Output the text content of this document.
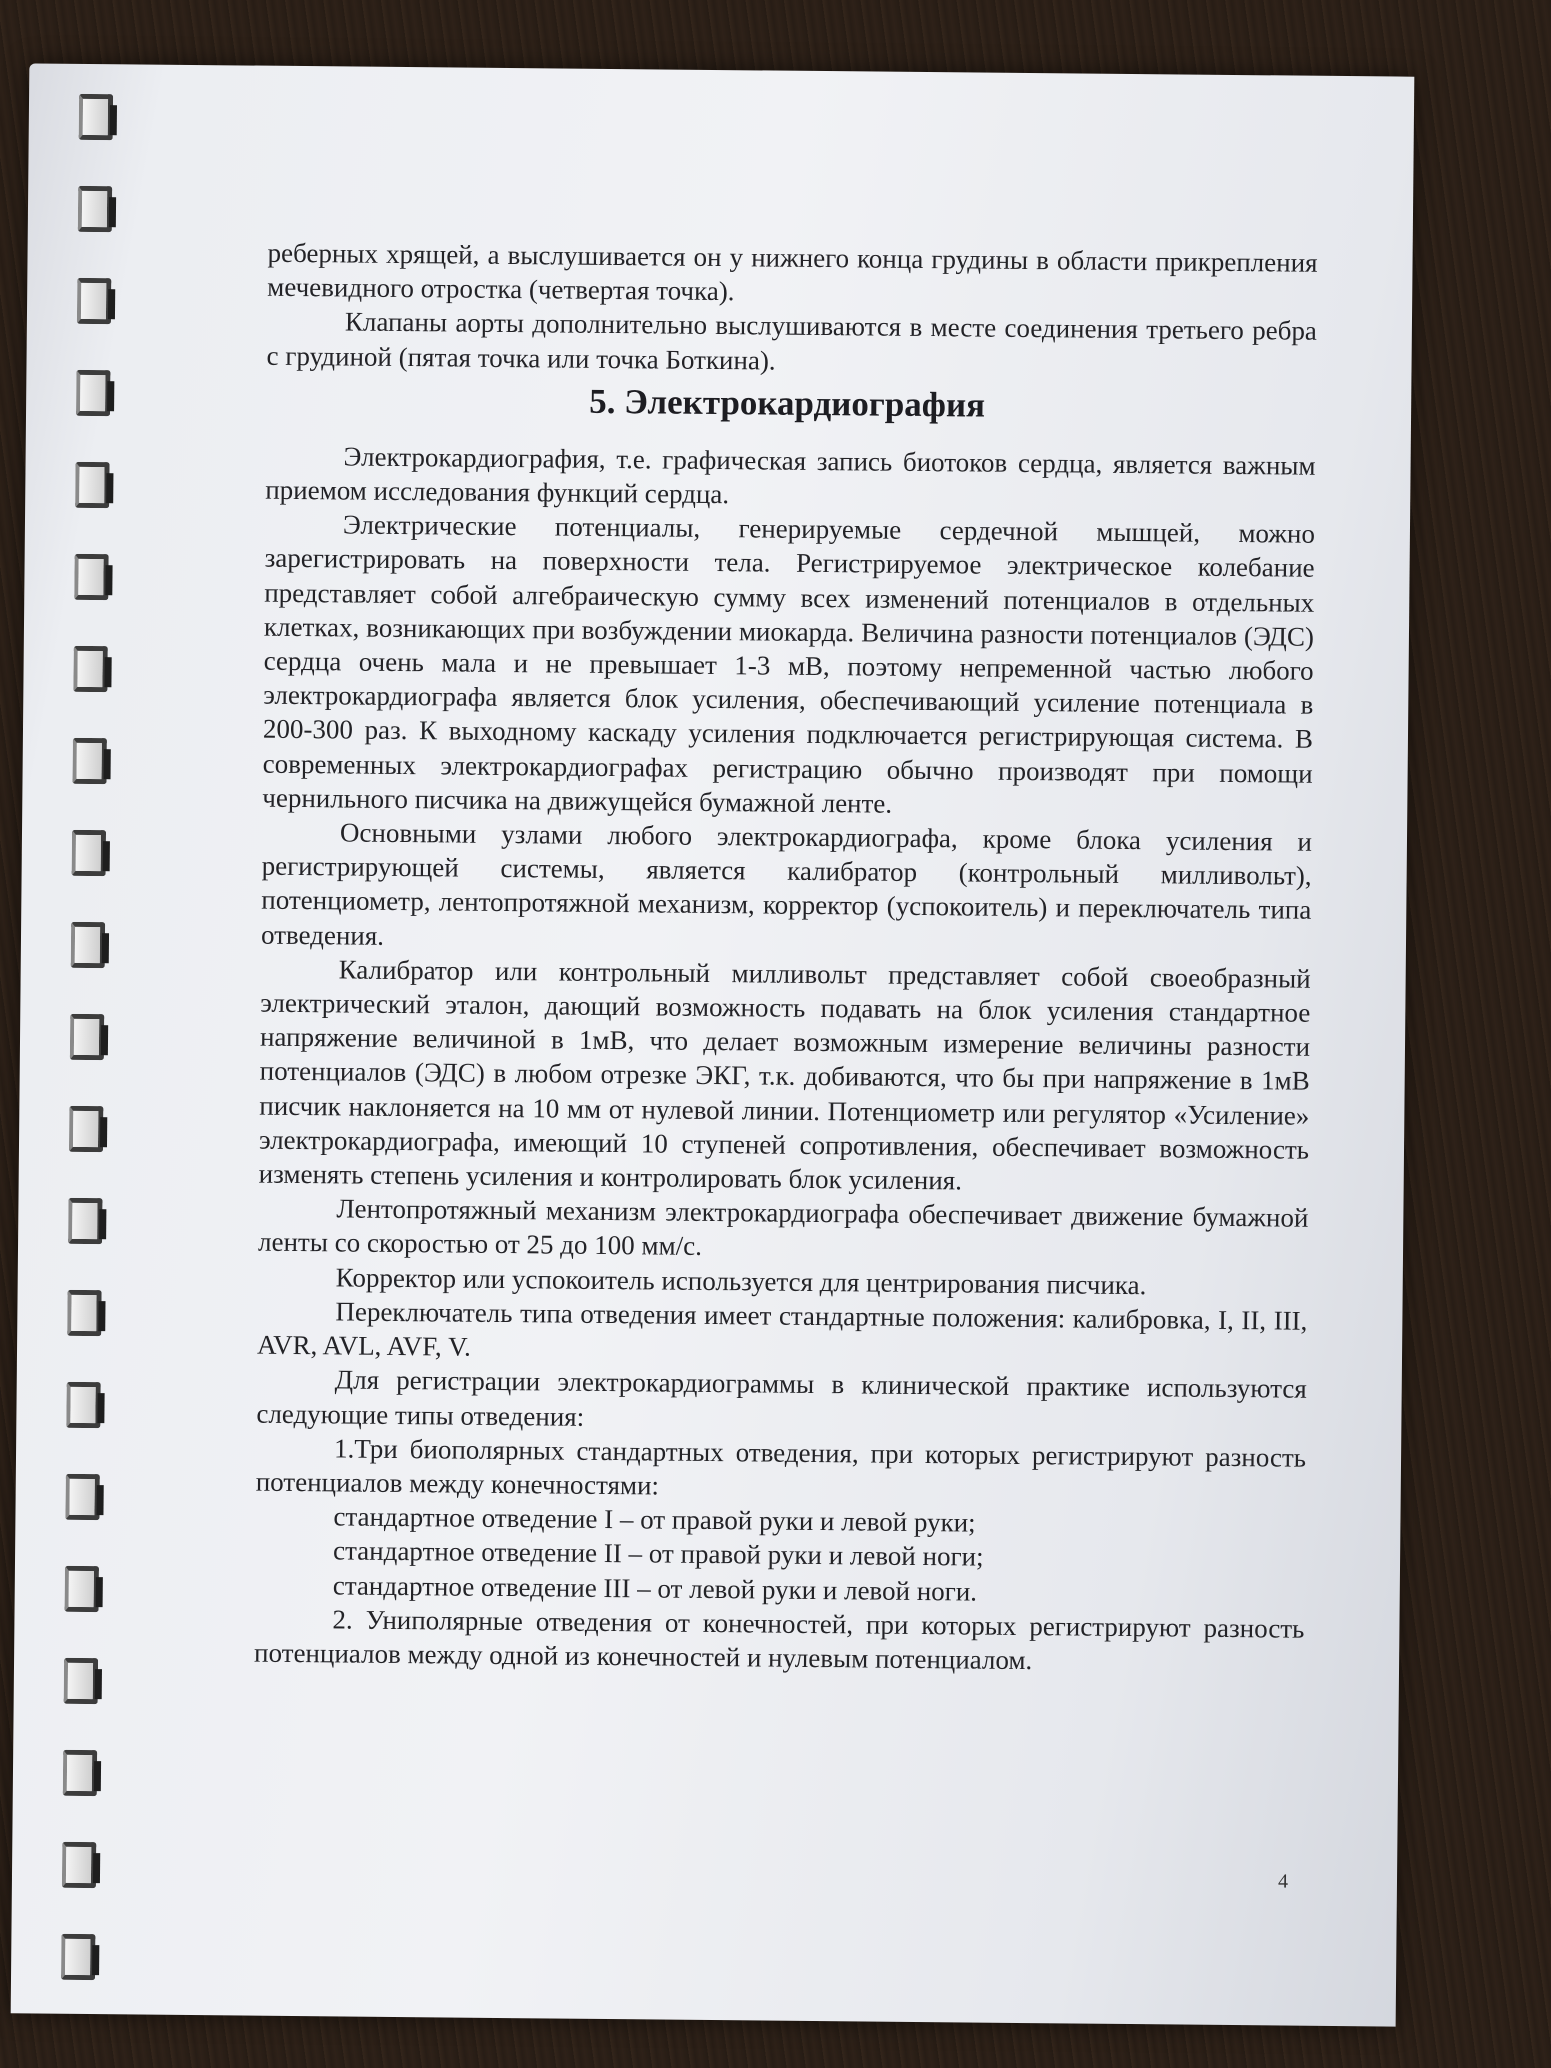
реберных хрящей, а выслушивается он у нижнего конца грудины в области прикрепления мечевидного отростка (четвертая точка).

Клапаны аорты дополнительно выслушиваются в месте соединения третьего ребра с грудиной (пятая точка или точка Боткина).

5. Электрокардиография

Электрокардиография, т.е. графическая запись биотоков сердца, является важным приемом исследования функций сердца.

Электрические потенциалы, генерируемые сердечной мышцей, можно зарегистрировать на поверхности тела. Регистрируемое электрическое колебание представляет собой алгебраическую сумму всех изменений потенциалов в отдельных клетках, возникающих при возбуждении миокарда. Величина разности потенциалов (ЭДС) сердца очень мала и не превышает 1-3 мВ, поэтому непременной частью любого электрокардиографа является блок усиления, обеспечивающий усиление потенциала в 200-300 раз. К выходному каскаду усиления подключается регистрирующая система. В современных электрокардиографах регистрацию обычно производят при помощи чернильного писчика на движущейся бумажной ленте.

Основными узлами любого электрокардиографа, кроме блока усиления и регистрирующей системы, является калибратор (контрольный милливольт), потенциометр, лентопротяжной механизм, корректор (успокоитель) и переключатель типа отведения.

Калибратор или контрольный милливольт представляет собой своеобразный электрический эталон, дающий возможность подавать на блок усиления стандартное напряжение величиной в 1мВ, что делает возможным измерение величины разности потенциалов (ЭДС) в любом отрезке ЭКГ, т.к. добиваются, что бы при напряжение в 1мВ писчик наклоняется на 10 мм от нулевой линии. Потенциометр или регулятор «Усиление» электрокардиографа, имеющий 10 ступеней сопротивления, обеспечивает возможность изменять степень усиления и контролировать блок усиления.

Лентопротяжный механизм электрокардиографа обеспечивает движение бумажной ленты со скоростью от 25 до 100 мм/с.

Корректор или успокоитель используется для центрирования писчика.

Переключатель типа отведения имеет стандартные положения: калибровка, I, II, III, AVR, AVL, AVF, V.

Для регистрации электрокардиограммы в клинической практике используются следующие типы отведения:

1.Три биополярных стандартных отведения, при которых регистрируют разность потенциалов между конечностями:

стандартное отведение I – от правой руки и левой руки;

стандартное отведение II – от правой руки и левой ноги;

стандартное отведение III – от левой руки и левой ноги.

2. Униполярные отведения от конечностей, при которых регистрируют разность потенциалов между одной из конечностей и нулевым потенциалом.

4
